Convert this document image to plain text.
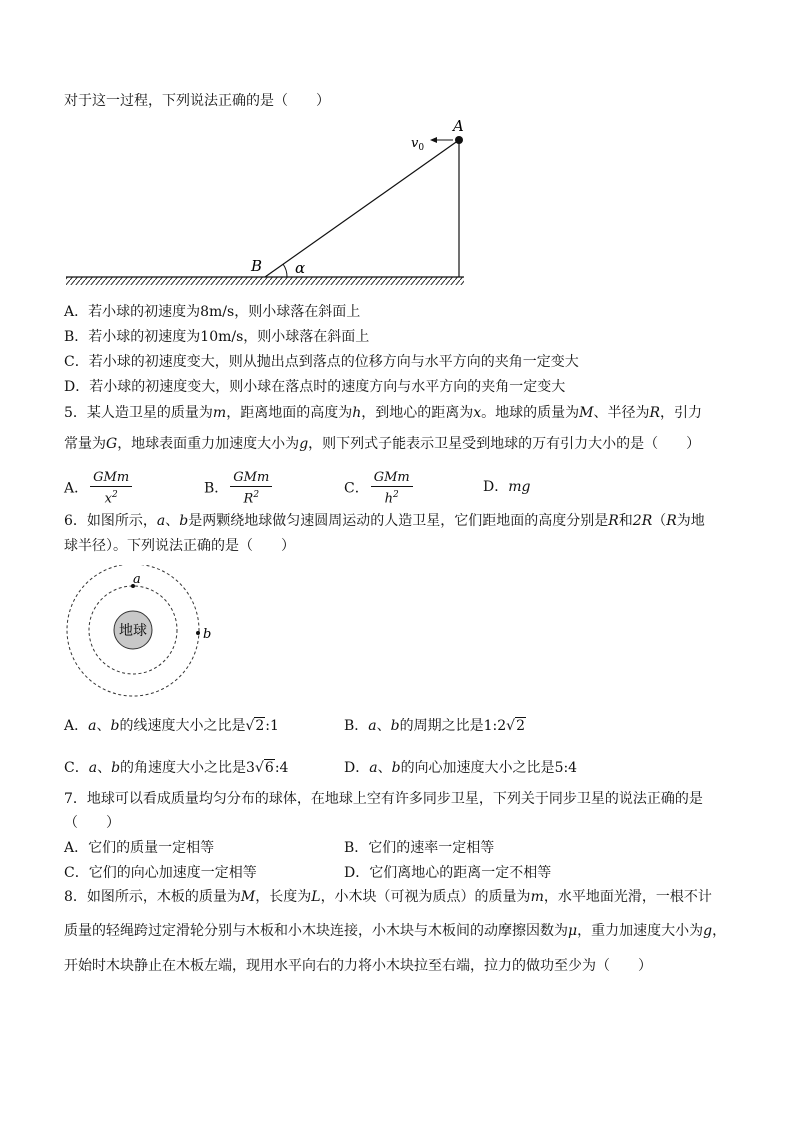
对于这一过程，下列说法正确的是（　　）
A
$v_0$
B α
A．若小球的初速度为8m/s，则小球落在斜面上
B．若小球的初速度为10m/s，则小球落在斜面上
C．若小球的初速度变大，则从抛出点到落点的位移方向与水平方向的夹角一定变大
D．若小球的初速度变大，则小球在落点时的速度方向与水平方向的夹角一定变大
5．某人造卫星的质量为m，距离地面的高度为h，到地心的距离为x。地球的质量为M、半径为R，引力
常量为G，地球表面重力加速度大小为g，则下列式子能表示卫星受到地球的万有引力大小的是（　　）
A． $\frac{\text{GMm}}{x^2}$	B． $\frac{\text{GMm}}{R^2}$	C． $\frac{\text{GMm}}{h^2}$	D．mg
6．如图所示，a、b是两颗绕地球做匀速圆周运动的人造卫星，它们距地面的高度分别是R和2R（R为地
球半径）。下列说法正确的是（　　）
地球
a
b
A．a、b的线速度大小之比是√2:1	B．a、b的周期之比是1:2√2
C．a、b的角速度大小之比是3√6:4	D．a、b的向心加速度大小之比是5:4
7．地球可以看成质量均匀分布的球体，在地球上空有许多同步卫星，下列关于同步卫星的说法正确的是
（　　）
A．它们的质量一定相等	B．它们的速率一定相等
C．它们的向心加速度一定相等	D．它们离地心的距离一定不相等
8．如图所示，木板的质量为M，长度为L，小木块（可视为质点）的质量为m，水平地面光滑，一根不计
质量的轻绳跨过定滑轮分别与木板和小木块连接，小木块与木板间的动摩擦因数为μ，重力加速度大小为g，
开始时木块静止在木板左端，现用水平向右的力将小木块拉至右端，拉力的做功至少为（　　）
